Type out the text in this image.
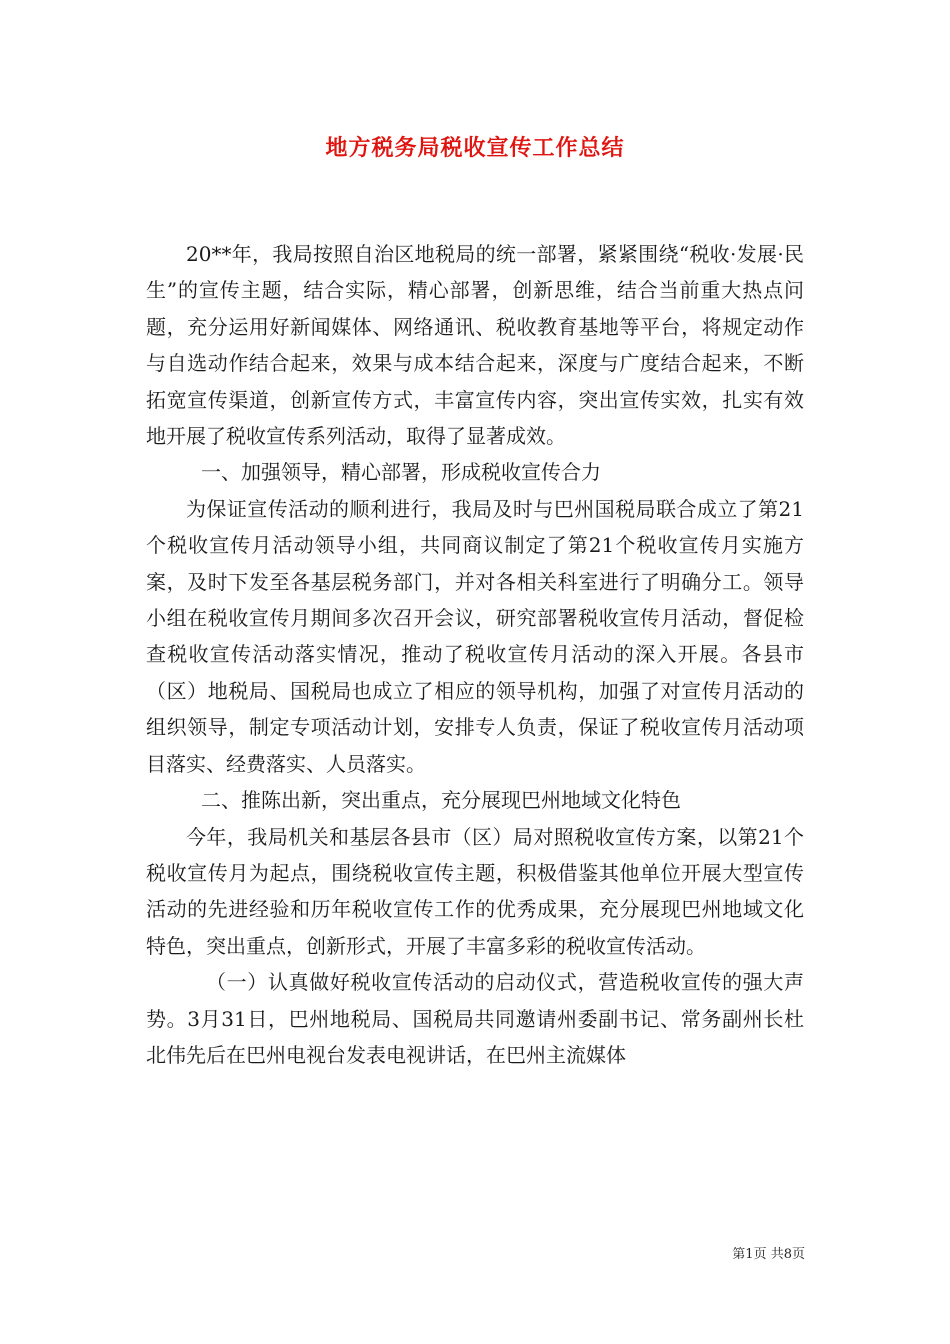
地方税务局税收宣传工作总结

20**年，我局按照自治区地税局的统一部署，紧紧围绕“税收·发展·民生”的宣传主题，结合实际，精心部署，创新思维，结合当前重大热点问题，充分运用好新闻媒体、网络通讯、税收教育基地等平台，将规定动作与自选动作结合起来，效果与成本结合起来，深度与广度结合起来，不断拓宽宣传渠道，创新宣传方式，丰富宣传内容，突出宣传实效，扎实有效地开展了税收宣传系列活动，取得了显著成效。

一、加强领导，精心部署，形成税收宣传合力

为保证宣传活动的顺利进行，我局及时与巴州国税局联合成立了第21个税收宣传月活动领导小组，共同商议制定了第21个税收宣传月实施方案，及时下发至各基层税务部门，并对各相关科室进行了明确分工。领导小组在税收宣传月期间多次召开会议，研究部署税收宣传月活动，督促检查税收宣传活动落实情况，推动了税收宣传月活动的深入开展。各县市（区）地税局、国税局也成立了相应的领导机构，加强了对宣传月活动的组织领导，制定专项活动计划，安排专人负责，保证了税收宣传月活动项目落实、经费落实、人员落实。

二、推陈出新，突出重点，充分展现巴州地域文化特色

今年，我局机关和基层各县市（区）局对照税收宣传方案，以第21个税收宣传月为起点，围绕税收宣传主题，积极借鉴其他单位开展大型宣传活动的先进经验和历年税收宣传工作的优秀成果，充分展现巴州地域文化特色，突出重点，创新形式，开展了丰富多彩的税收宣传活动。

（一）认真做好税收宣传活动的启动仪式，营造税收宣传的强大声势。3月31日，巴州地税局、国税局共同邀请州委副书记、常务副州长杜北伟先后在巴州电视台发表电视讲话，在巴州主流媒体

第1页 共8页
